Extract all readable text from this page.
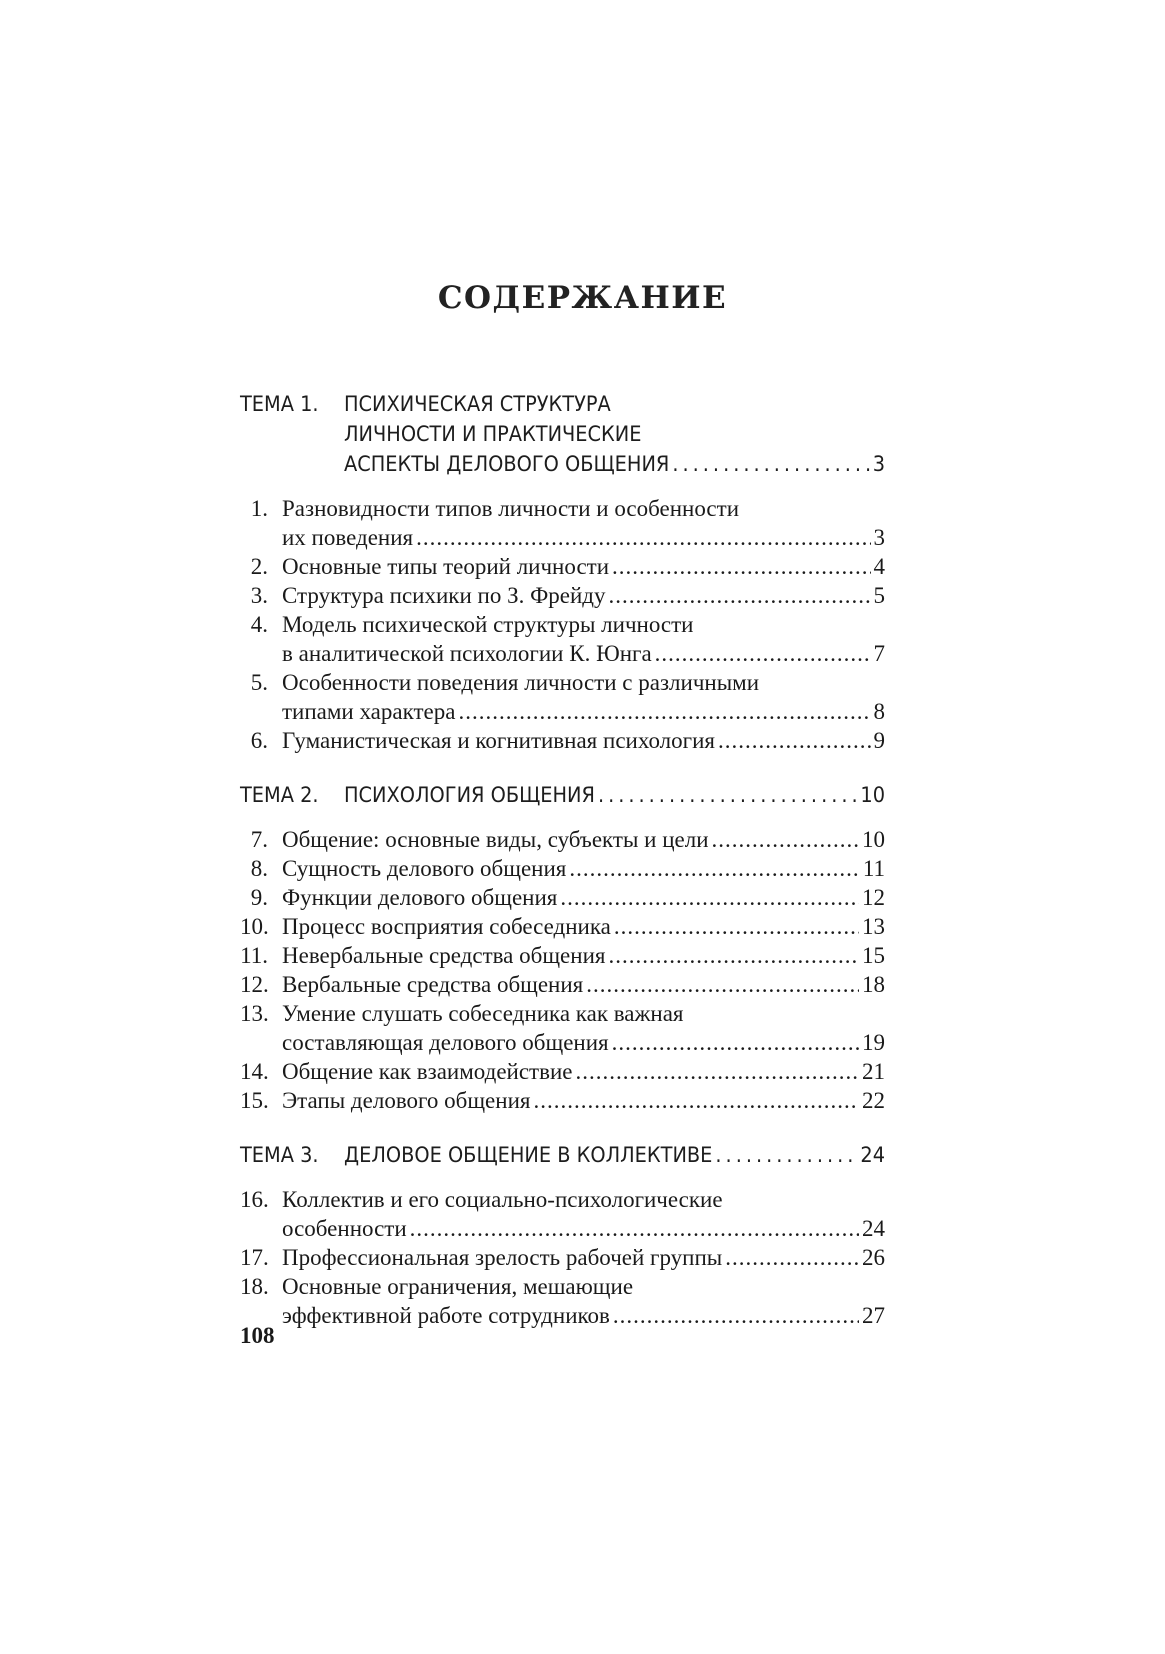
СОДЕРЖАНИЕ
ТЕМА 1. ПСИХИЧЕСКАЯ СТРУКТУРА
ЛИЧНОСТИ И ПРАКТИЧЕСКИЕ
АСПЕКТЫ ДЕЛОВОГО ОБЩЕНИЯ .....	3
1. Разновидности типов личности и особенности
их поведения .....	3
2. Основные типы теорий личности .....	4
3. Структура психики по З. Фрейду .....	5
4. Модель психической структуры личности
в аналитической психологии К. Юнга .....	7
5. Особенности поведения личности с различными
типами характера .....	8
6. Гуманистическая и когнитивная психология .....	9
ТЕМА 2. ПСИХОЛОГИЯ ОБЩЕНИЯ .....	10
7. Общение: основные виды, субъекты и цели .....	10
8. Сущность делового общения .....	11
9. Функции делового общения .....	12
10. Процесс восприятия собеседника .....	13
11. Невербальные средства общения .....	15
12. Вербальные средства общения .....	18
13. Умение слушать собеседника как важная
составляющая делового общения .....	19
14. Общение как взаимодействие .....	21
15. Этапы делового общения .....	22
ТЕМА 3. ДЕЛОВОЕ ОБЩЕНИЕ В КОЛЛЕКТИВЕ .....	24
16. Коллектив и его социально-психологические
особенности .....	24
17. Профессиональная зрелость рабочей группы .....	26
18. Основные ограничения, мешающие
эффективной работе сотрудников .....	27
108
